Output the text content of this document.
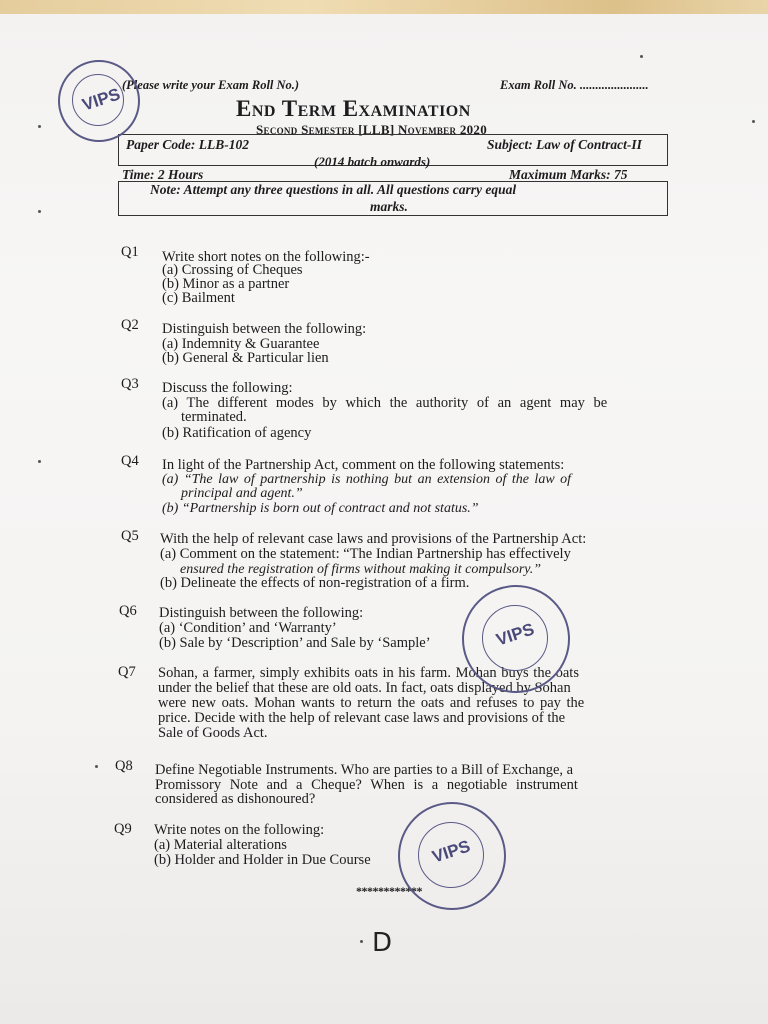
(Please write your Exam Roll No.)	Exam Roll No. ......................
End Term Examination
Second Semester [LLB] November 2020
Paper Code: LLB-102	Subject: Law of Contract-II
(2014 batch onwards)
Time: 2 Hours	Maximum Marks: 75
Note: Attempt any three questions in all. All questions carry equal
marks.
Q1 Write short notes on the following:-
(a) Crossing of Cheques
(b) Minor as a partner
(c) Bailment
Q2 Distinguish between the following:
(a) Indemnity & Guarantee
(b) General & Particular lien
Q3 Discuss the following:
(a) The different modes by which the authority of an agent may be
terminated.
(b) Ratification of agency
Q4 In light of the Partnership Act, comment on the following statements:
(a) “The law of partnership is nothing but an extension of the law of
principal and agent.”
(b) “Partnership is born out of contract and not status.”
Q5 With the help of relevant case laws and provisions of the Partnership Act:
(a) Comment on the statement: “The Indian Partnership has effectively
ensured the registration of firms without making it compulsory.”
(b) Delineate the effects of non-registration of a firm.
Q6 Distinguish between the following:
(a) ‘Condition’ and ‘Warranty’
(b) Sale by ‘Description’ and Sale by ‘Sample’
Q7 Sohan, a farmer, simply exhibits oats in his farm. Mohan buys the oats
under the belief that these are old oats. In fact, oats displayed by Sohan
were new oats. Mohan wants to return the oats and refuses to pay the
price. Decide with the help of relevant case laws and provisions of the
Sale of Goods Act.
Q8 Define Negotiable Instruments. Who are parties to a Bill of Exchange, a
Promissory Note and a Cheque? When is a negotiable instrument
considered as dishonoured?
Q9 Write notes on the following:
(a) Material alterations
(b) Holder and Holder in Due Course
************
D
VIPS
VIPS
VIPS
